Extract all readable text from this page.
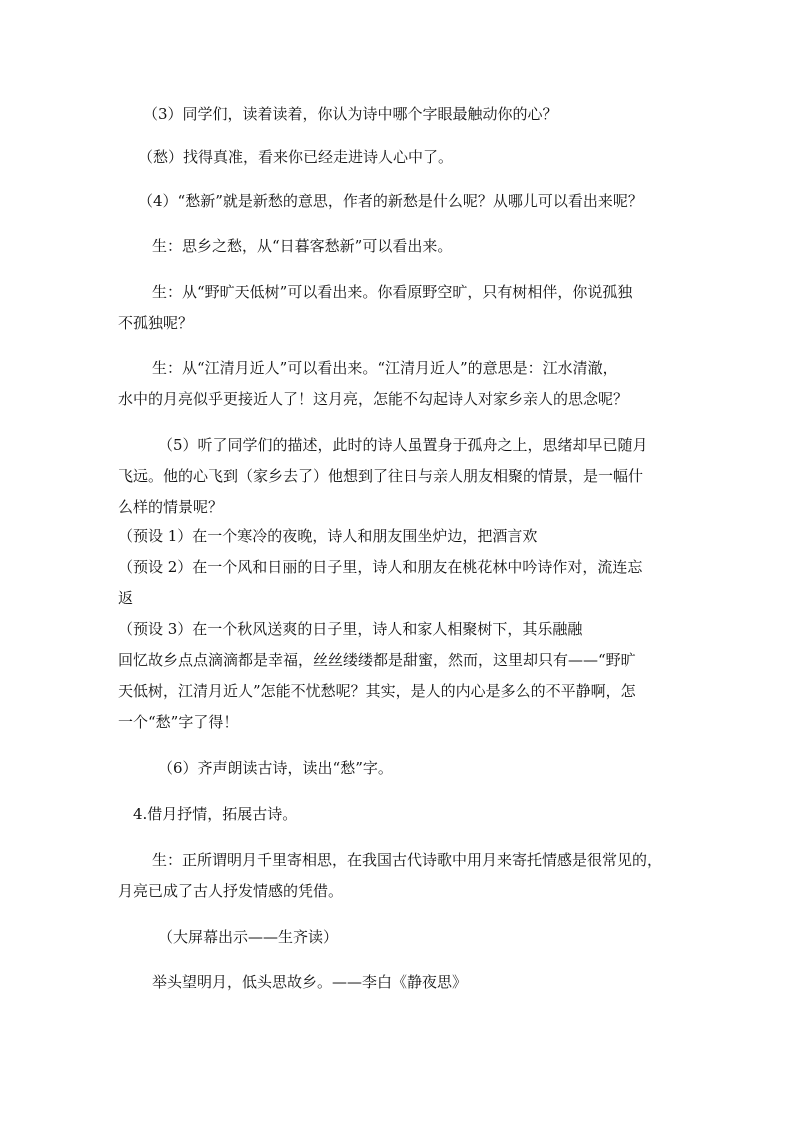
（3）同学们，读着读着，你认为诗中哪个字眼最触动你的心？
（愁）找得真准，看来你已经走进诗人心中了。
（4）“愁新”就是新愁的意思，作者的新愁是什么呢？从哪儿可以看出来呢？
生：思乡之愁，从“日暮客愁新”可以看出来。
生：从“野旷天低树”可以看出来。你看原野空旷，只有树相伴，你说孤独
不孤独呢？
生：从“江清月近人”可以看出来。“江清月近人”的意思是：江水清澈，
水中的月亮似乎更接近人了！这月亮，怎能不勾起诗人对家乡亲人的思念呢？
（5）听了同学们的描述，此时的诗人虽置身于孤舟之上，思绪却早已随月
飞远。他的心飞到（家乡去了）他想到了往日与亲人朋友相聚的情景，是一幅什
么样的情景呢？
（预设 1）在一个寒冷的夜晚，诗人和朋友围坐炉边，把酒言欢
（预设 2）在一个风和日丽的日子里，诗人和朋友在桃花林中吟诗作对，流连忘
返
（预设 3）在一个秋风送爽的日子里，诗人和家人相聚树下，其乐融融
回忆故乡点点滴滴都是幸福，丝丝缕缕都是甜蜜，然而，这里却只有——“野旷
天低树，江清月近人”怎能不忧愁呢？其实，是人的内心是多么的不平静啊，怎
一个“愁”字了得！
（6）齐声朗读古诗，读出“愁”字。
4.借月抒情，拓展古诗。
生：正所谓明月千里寄相思，在我国古代诗歌中用月来寄托情感是很常见的，
月亮已成了古人抒发情感的凭借。
（大屏幕出示——生齐读）
举头望明月，低头思故乡。——李白《静夜思》
